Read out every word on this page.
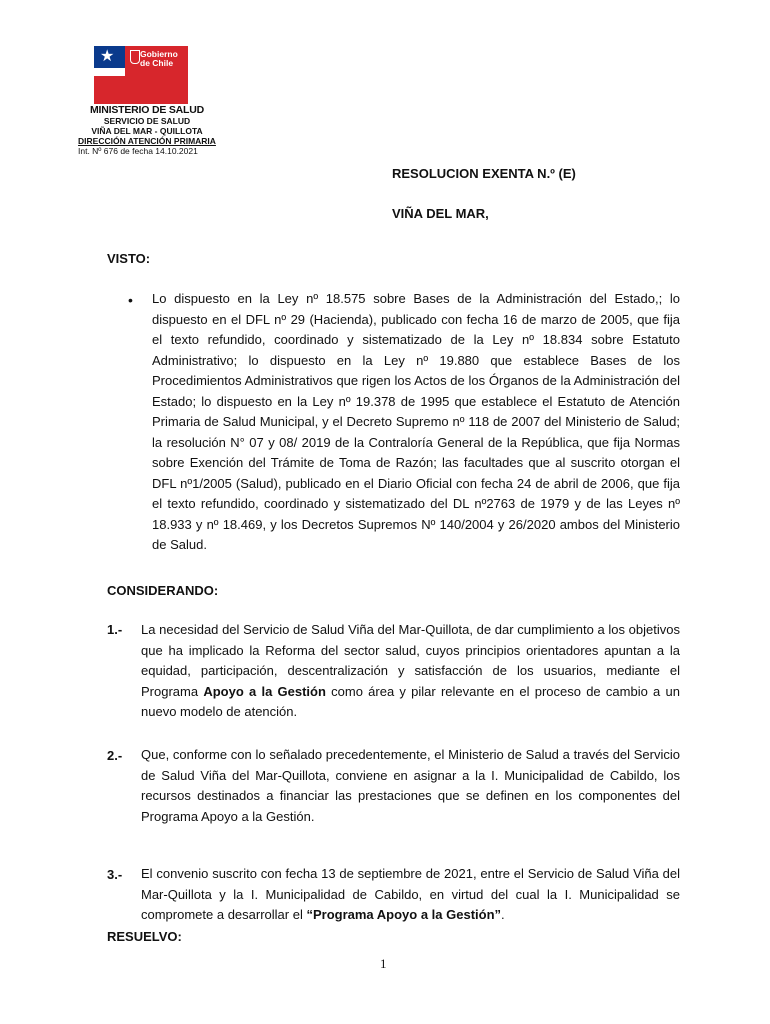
★	Gobierno
de Chile
MINISTERIO DE SALUD
SERVICIO DE SALUD
VIÑA DEL MAR - QUILLOTA
DIRECCIÓN ATENCIÓN PRIMARIA
Int. Nº 676 de fecha 14.10.2021
RESOLUCION EXENTA N.º (E)
VIÑA DEL MAR,
VISTO:
• Lo dispuesto en la Ley nº 18.575 sobre Bases de la Administración del Estado,; lo dispuesto en el DFL nº 29 (Hacienda), publicado con fecha 16 de marzo de 2005, que fija el texto refundido, coordinado y sistematizado de la Ley nº 18.834 sobre Estatuto Administrativo; lo dispuesto en la Ley nº 19.880 que establece Bases de los Procedimientos Administrativos que rigen los Actos de los Órganos de la Administración del Estado; lo dispuesto en la Ley nº 19.378 de 1995 que establece el Estatuto de Atención Primaria de Salud Municipal, y el Decreto Supremo nº 118 de 2007 del Ministerio de Salud; la resolución N° 07 y 08/ 2019 de la Contraloría General de la República, que fija Normas sobre Exención del Trámite de Toma de Razón; las facultades que al suscrito otorgan el DFL nº1/2005 (Salud), publicado en el Diario Oficial con fecha 24 de abril de 2006, que fija el texto refundido, coordinado y sistematizado del DL nº2763 de 1979 y de las Leyes nº 18.933 y nº 18.469, y los Decretos Supremos Nº 140/2004 y 26/2020 ambos del Ministerio de Salud.
CONSIDERANDO:
1.- La necesidad del Servicio de Salud Viña del Mar-Quillota, de dar cumplimiento a los objetivos que ha implicado la Reforma del sector salud, cuyos principios orientadores apuntan a la equidad, participación, descentralización y satisfacción de los usuarios, mediante el Programa Apoyo a la Gestión como área y pilar relevante en el proceso de cambio a un nuevo modelo de atención.
2.- Que, conforme con lo señalado precedentemente, el Ministerio de Salud a través del Servicio de Salud Viña del Mar-Quillota, conviene en asignar a la I. Municipalidad de Cabildo, los recursos destinados a financiar las prestaciones que se definen en los componentes del Programa Apoyo a la Gestión.
3.- El convenio suscrito con fecha 13 de septiembre de 2021, entre el Servicio de Salud Viña del Mar-Quillota y la I. Municipalidad de Cabildo, en virtud del cual la I. Municipalidad se compromete a desarrollar el “Programa Apoyo a la Gestión”.
RESUELVO:
1
